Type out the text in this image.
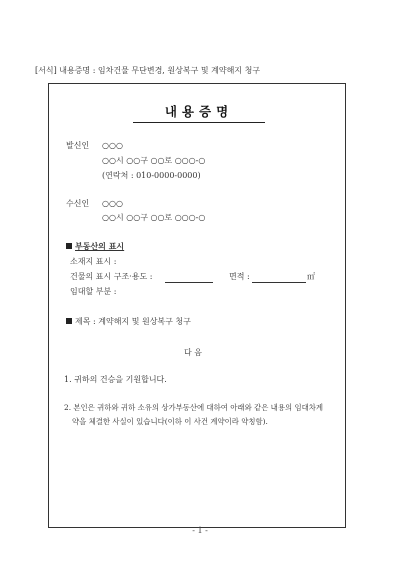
[서식] 내용증명 : 임차건물 무단변경, 원상복구 및 계약해지 청구
내용증명
발신인 ○○○
○○시 ○○구 ○○로 ○○○-○
(연락처 : 010-0000-0000)
수신인 ○○○
○○시 ○○구 ○○로 ○○○-○
부동산의 표시
소재지 표시 :
건물의 표시 구조·용도 :	면적 :	㎡
임대할 부분 :
제목 : 계약해지 및 원상복구 청구
다 음
1. 귀하의 건승을 기원합니다.
2. 본인은 귀하와 귀하 소유의 상가부동산에 대하여 아래와 같은 내용의 임대차계
약을 체결한 사실이 있습니다(이하 이 사건 계약이라 약칭함).
- 1 -
